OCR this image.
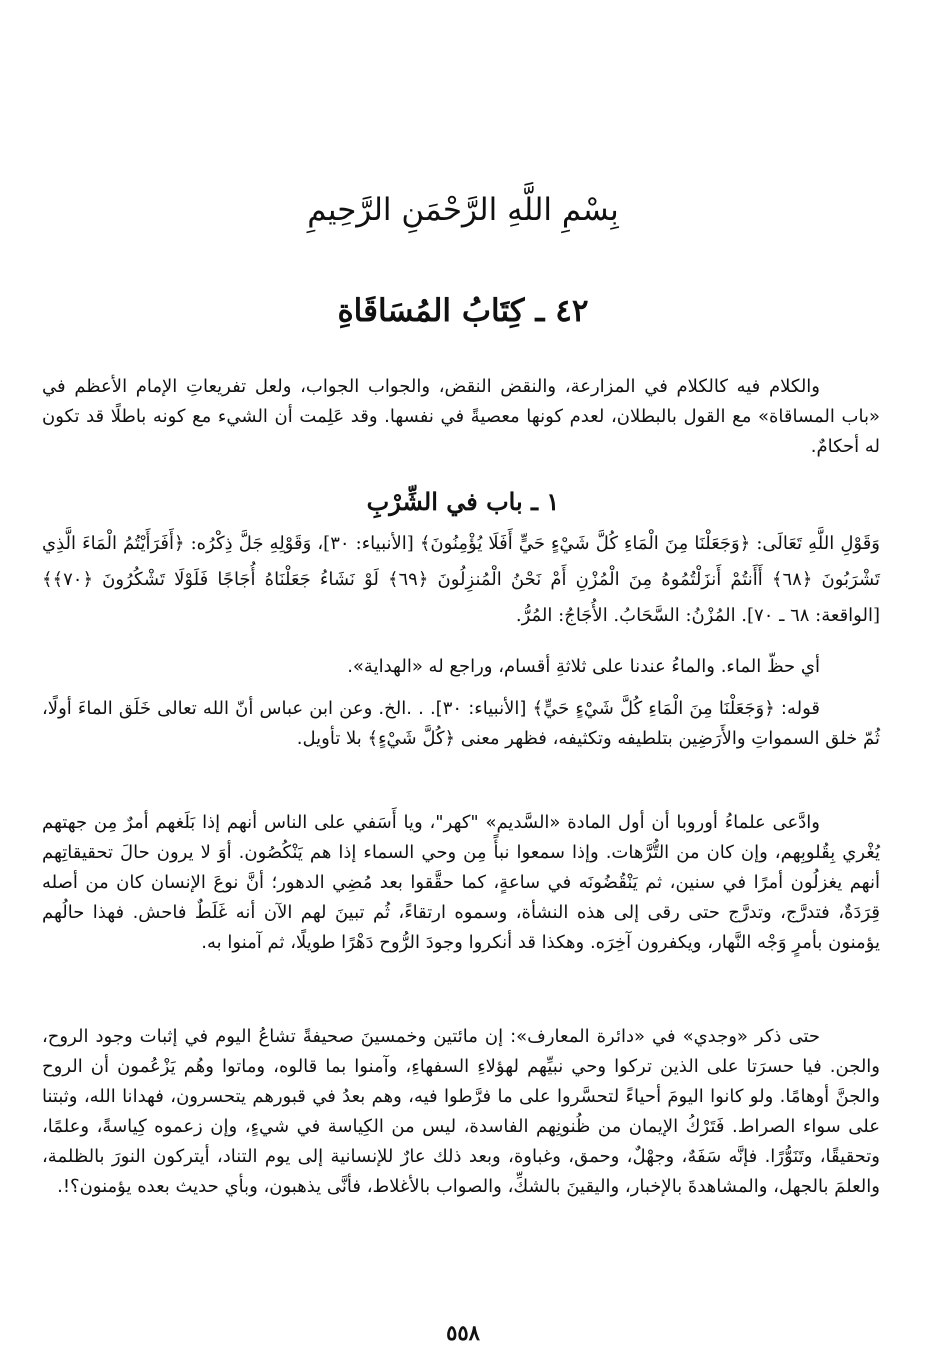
بِسْمِ اللَّهِ الرَّحْمَنِ الرَّحِيمِ
٤٢ ـ كِتَابُ المُسَاقَاةِ

والكلام فيه كالكلام في المزارعة، والنقض النقض، والجواب الجواب، ولعل تفريعاتِ الإمام الأعظم في «باب المساقاة» مع القول بالبطلان، لعدم كونها معصيةً في نفسها. وقد عَلِمت أن الشيء مع كونه باطلًا قد تكون له أحكامٌ.

١ ـ باب في الشِّرْبِ

وَقَوْلِ اللَّهِ تَعَالَى: ﴿وَجَعَلْنَا مِنَ الْمَاءِ كُلَّ شَيْءٍ حَيٍّ أَفَلَا يُؤْمِنُونَ﴾ [الأنبياء: ٣٠]، وَقَوْلِهِ جَلَّ ذِكْرُه: ﴿أَفَرَأَيْتُمُ الْمَاءَ الَّذِي تَشْرَبُونَ ﴿٦٨﴾ أَأَنتُمْ أَنزَلْتُمُوهُ مِنَ الْمُزْنِ أَمْ نَحْنُ الْمُنزِلُونَ ﴿٦٩﴾ لَوْ نَشَاءُ جَعَلْنَاهُ أُجَاجًا فَلَوْلَا تَشْكُرُونَ ﴿٧٠﴾﴾ [الواقعة: ٦٨ ـ ٧٠]. المُزْنُ: السَّحَابُ. الأُجَاجُ: المُرُّ.

أي حظّ الماء. والماءُ عندنا على ثلاثةِ أقسام، وراجع له «الهداية».

قوله: ﴿وَجَعَلْنَا مِنَ الْمَاءِ كُلَّ شَيْءٍ حَيٍّ﴾ [الأنبياء: ٣٠]. . .الخ. وعن ابن عباس أنّ الله تعالى خَلَق الماءَ أولًا، ثُمّ خلق السمواتِ والأَرَضِين بتلطيفه وتكثيفه، فظهر معنى ﴿كُلَّ شَيْءٍ﴾ بلا تأويل.

وادَّعى علماءُ أوروبا أن أول المادة «السَّديم» "كهر"، ويا أَسَفي على الناس أنهم إذا بَلَغهم أمرٌ مِن جهتهم يُغْري بِقُلوبِهم، وإن كان من التُّرَّهات. وإذا سمعوا نبأً مِن وحي السماء إذا هم يَنْكُصُون. أوَ لا يرون حالَ تحقيقاتِهم أنهم يغزلُون أمرًا في سنين، ثم يَنْقُضُونَه في ساعةٍ، كما حقَّقوا بعد مُضِي الدهور؛ أنَّ نوعَ الإنسان كان من أصله قِرَدَةٌ، فتدرَّج، وتدرَّج حتى رقى إلى هذه النشأة، وسموه ارتقاءً، ثُم تبينَ لهم الآن أنه غَلَطٌ فاحش. فهذا حالُهم يؤمنون بأمرٍ وَجْه النَّهار، ويكفرون آخِرَه. وهكذا قد أنكروا وجودَ الرُّوح دَهْرًا طويلًا، ثم آمنوا به.

حتى ذكر «وجدي» في «دائرة المعارف»: إن مائتين وخمسينَ صحيفةً تشاعُ اليوم في إثبات وجود الروح، والجن. فيا حسرَتا على الذين تركوا وحي نبيِّهم لهؤلاءِ السفهاءِ، وآمنوا بما قالوه، وماتوا وهُم يَزْعُمون أن الروح والجنَّ أوهامًا. ولو كانوا اليومَ أحياءً لتحسَّروا على ما فرَّطوا فيه، وهم بعدُ في قبورهم يتحسرون، فهدانا الله، وثبتنا على سواء الصراط. فَتَرْكُ الإيمان من ظُنونِهم الفاسدة، ليس من الكِياسة في شيءٍ، وإن زعموه كِياسةً، وعلمًا، وتحقيقًا، وتَنَوُّرًا. فإنَّه سَفَهٌ، وجهْلٌ، وحمق، وغباوة، وبعد ذلك عارٌ للإنسانية إلى يوم التناد، أيتركون النورَ بالظلمة، والعلمَ بالجهل، والمشاهدةَ بالإخبار، واليقينَ بالشكِّ، والصواب بالأغلاط، فأنَّى يذهبون، وبأي حديث بعده يؤمنون؟!.

٥٥٨
